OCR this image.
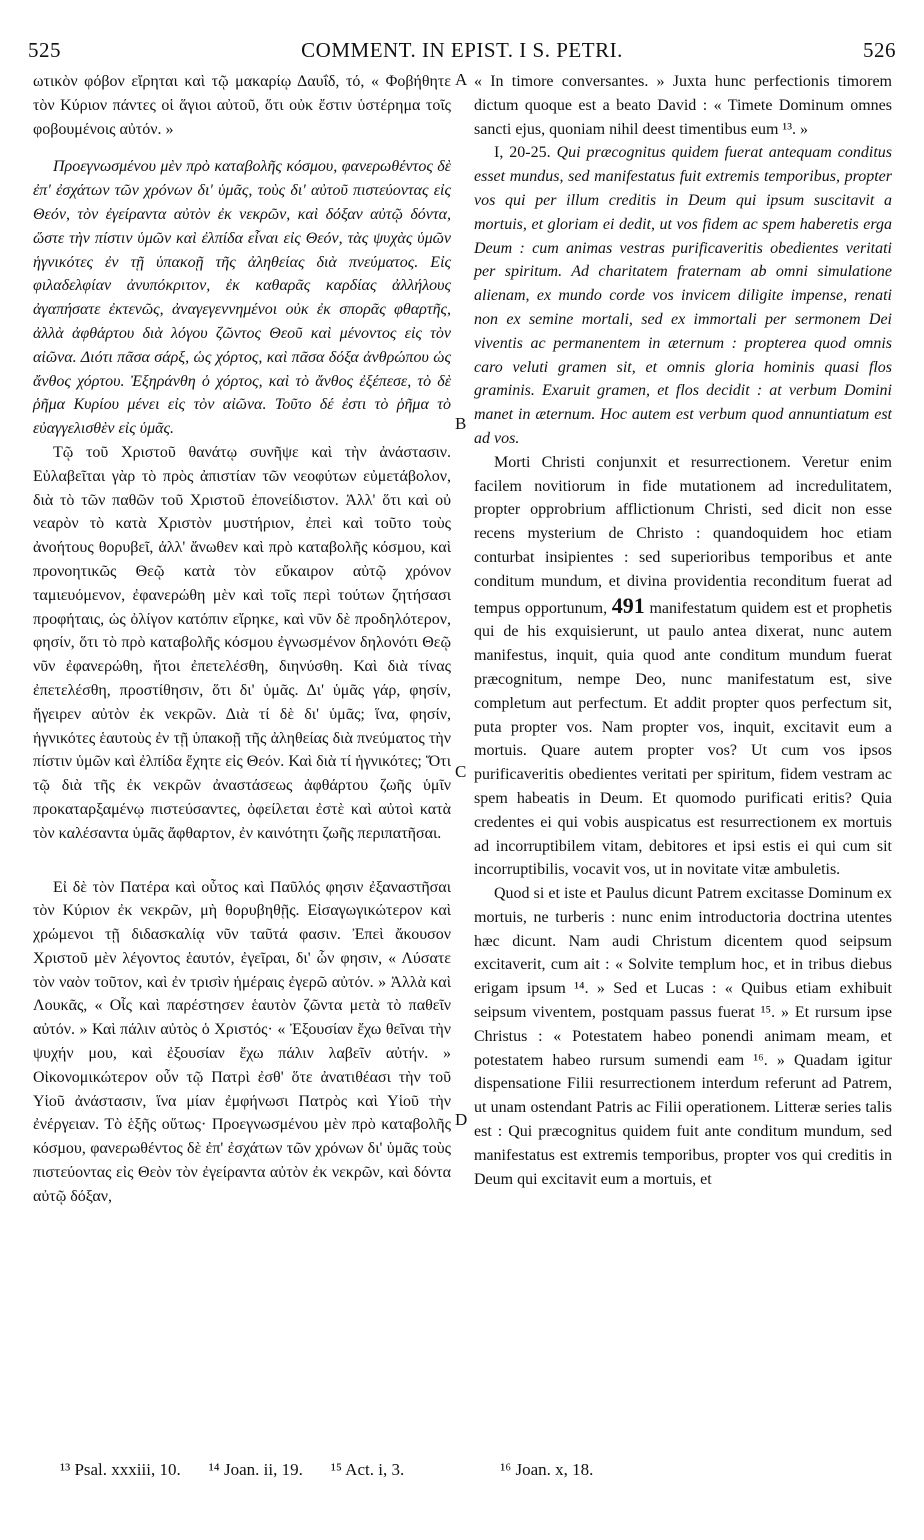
525	COMMENT. IN EPIST. I S. PETRI.	526
A
B
C
D

ωτικὸν φόβον εἴρηται καὶ τῷ μακαρίῳ Δαυΐδ, τό, « Φοβήθητε τὸν Κύριον πάντες οἱ ἅγιοι αὐτοῦ, ὅτι οὐκ ἔστιν ὑστέρημα τοῖς φοβουμένοις αὐτόν. »

Προεγνωσμένου μὲν πρὸ καταβολῆς κόσμου, φανερωθέντος δὲ ἐπ' ἐσχάτων τῶν χρόνων δι' ὑμᾶς, τοὺς δι' αὐτοῦ πιστεύοντας εἰς Θεόν, τὸν ἐγείραντα αὐτὸν ἐκ νεκρῶν, καὶ δόξαν αὐτῷ δόντα, ὥστε τὴν πίστιν ὑμῶν καὶ ἐλπίδα εἶναι εἰς Θεόν, τὰς ψυχὰς ὑμῶν ἡγνικότες ἐν τῇ ὑπακοῇ τῆς ἀληθείας διὰ πνεύματος. Εἰς φιλαδελφίαν ἀνυπόκριτον, ἐκ καθαρᾶς καρδίας ἀλλήλους ἀγαπήσατε ἐκτενῶς, ἀναγεγεννημένοι οὐκ ἐκ σπορᾶς φθαρτῆς, ἀλλὰ ἀφθάρτου διὰ λόγου ζῶντος Θεοῦ καὶ μένοντος εἰς τὸν αἰῶνα. Διότι πᾶσα σάρξ, ὡς χόρτος, καὶ πᾶσα δόξα ἀνθρώπου ὡς ἄνθος χόρτου. Ἐξηράνθη ὁ χόρτος, καὶ τὸ ἄνθος ἐξέπεσε, τὸ δὲ ῥῆμα Κυρίου μένει εἰς τὸν αἰῶνα. Τοῦτο δέ ἐστι τὸ ῥῆμα τὸ εὐαγγελισθὲν εἰς ὑμᾶς.

Τῷ τοῦ Χριστοῦ θανάτῳ συνῆψε καὶ τὴν ἀνάστασιν. Εὐλαβεῖται γὰρ τὸ πρὸς ἀπιστίαν τῶν νεοφύτων εὐμετάβολον, διὰ τὸ τῶν παθῶν τοῦ Χριστοῦ ἐπονείδιστον. Ἀλλ' ὅτι καὶ οὐ νεαρὸν τὸ κατὰ Χριστὸν μυστήριον, ἐπεὶ καὶ τοῦτο τοὺς ἀνοήτους θορυβεῖ, ἀλλ' ἄνωθεν καὶ πρὸ καταβολῆς κόσμου, καὶ προνοητικῶς Θεῷ κατὰ τὸν εὔκαιρον αὐτῷ χρόνον ταμιευόμενον, ἐφανερώθη μὲν καὶ τοῖς περὶ τούτων ζητήσασι προφήταις, ὡς ὀλίγον κατόπιν εἴρηκε, καὶ νῦν δὲ προδηλότερον, φησίν, ὅτι τὸ πρὸ καταβολῆς κόσμου ἐγνωσμένον δηλονότι Θεῷ νῦν ἐφανερώθη, ἤτοι ἐπετελέσθη, διηνύσθη. Καὶ διὰ τίνας ἐπετελέσθη, προστίθησιν, ὅτι δι' ὑμᾶς. Δι' ὑμᾶς γάρ, φησίν, ἤγειρεν αὐτὸν ἐκ νεκρῶν. Διὰ τί δὲ δι' ὑμᾶς; ἵνα, φησίν, ἡγνικότες ἑαυτοὺς ἐν τῇ ὑπακοῇ τῆς ἀληθείας διὰ πνεύματος τὴν πίστιν ὑμῶν καὶ ἐλπίδα ἔχητε εἰς Θεόν. Καὶ διὰ τί ἡγνικότες; Ὅτι τῷ διὰ τῆς ἐκ νεκρῶν ἀναστάσεως ἀφθάρτου ζωῆς ὑμῖν προκαταρξαμένῳ πιστεύσαντες, ὀφείλεται ἐστὲ καὶ αὐτοὶ κατὰ τὸν καλέσαντα ὑμᾶς ἄφθαρτον, ἐν καινότητι ζωῆς περιπατῆσαι.

Εἰ δὲ τὸν Πατέρα καὶ οὗτος καὶ Παῦλός φησιν ἐξαναστῆσαι τὸν Κύριον ἐκ νεκρῶν, μὴ θορυβηθῇς. Εἰσαγωγικώτερον καὶ χρώμενοι τῇ διδασκαλίᾳ νῦν ταῦτά φασιν. Ἐπεὶ ἄκουσον Χριστοῦ μὲν λέγοντος ἑαυτόν, ἐγεῖραι, δι' ὧν φησιν, « Λύσατε τὸν ναὸν τοῦτον, καὶ ἐν τρισὶν ἡμέραις ἐγερῶ αὐτόν. » Ἀλλὰ καὶ Λουκᾶς, « Οἷς καὶ παρέστησεν ἑαυτὸν ζῶντα μετὰ τὸ παθεῖν αὐτόν. » Καὶ πάλιν αὐτὸς ὁ Χριστός· « Ἐξουσίαν ἔχω θεῖναι τὴν ψυχήν μου, καὶ ἐξουσίαν ἔχω πάλιν λαβεῖν αὐτήν. » Οἰκονομικώτερον οὖν τῷ Πατρὶ ἐσθ' ὅτε ἀνατιθέασι τὴν τοῦ Υἱοῦ ἀνάστασιν, ἵνα μίαν ἐμφήνωσι Πατρὸς καὶ Υἱοῦ τὴν ἐνέργειαν. Τὸ ἑξῆς οὕτως· Προεγνωσμένου μὲν πρὸ καταβολῆς κόσμου, φανερωθέντος δὲ ἐπ' ἐσχάτων τῶν χρόνων δι' ὑμᾶς τοὺς πιστεύοντας εἰς Θεὸν τὸν ἐγείραντα αὐτὸν ἐκ νεκρῶν, καὶ δόντα αὐτῷ δόξαν,

« In timore conversantes. » Juxta hunc perfectionis timorem dictum quoque est a beato David : « Timete Dominum omnes sancti ejus, quoniam nihil deest timentibus eum ¹³. »

I, 20-25. Qui præcognitus quidem fuerat antequam conditus esset mundus, sed manifestatus fuit extremis temporibus, propter vos qui per illum creditis in Deum qui ipsum suscitavit a mortuis, et gloriam ei dedit, ut vos fidem ac spem haberetis erga Deum : cum animas vestras purificaveritis obedientes veritati per spiritum. Ad charitatem fraternam ab omni simulatione alienam, ex mundo corde vos invicem diligite impense, renati non ex semine mortali, sed ex immortali per sermonem Dei viventis ac permanentem in æternum : propterea quod omnis caro veluti gramen sit, et omnis gloria hominis quasi flos graminis. Exaruit gramen, et flos decidit : at verbum Domini manet in æternum. Hoc autem est verbum quod annuntiatum est ad vos.

Morti Christi conjunxit et resurrectionem. Veretur enim facilem novitiorum in fide mutationem ad incredulitatem, propter opprobrium afflictionum Christi, sed dicit non esse recens mysterium de Christo : quandoquidem hoc etiam conturbat insipientes : sed superioribus temporibus et ante conditum mundum, et divina providentia reconditum fuerat ad tempus opportunum, 491 manifestatum quidem est et prophetis qui de his exquisierunt, ut paulo antea dixerat, nunc autem manifestus, inquit, quia quod ante conditum mundum fuerat præcognitum, nempe Deo, nunc manifestatum est, sive completum aut perfectum. Et addit propter quos perfectum sit, puta propter vos. Nam propter vos, inquit, excitavit eum a mortuis. Quare autem propter vos? Ut cum vos ipsos purificaveritis obedientes veritati per spiritum, fidem vestram ac spem habeatis in Deum. Et quomodo purificati eritis? Quia credentes ei qui vobis auspicatus est resurrectionem ex mortuis ad incorruptibilem vitam, debitores et ipsi estis ei qui cum sit incorruptibilis, vocavit vos, ut in novitate vitæ ambuletis.

Quod si et iste et Paulus dicunt Patrem excitasse Dominum ex mortuis, ne turberis : nunc enim introductoria doctrina utentes hæc dicunt. Nam audi Christum dicentem quod seipsum excitaverit, cum ait : « Solvite templum hoc, et in tribus diebus erigam ipsum ¹⁴. » Sed et Lucas : « Quibus etiam exhibuit seipsum viventem, postquam passus fuerat ¹⁵. » Et rursum ipse Christus : « Potestatem habeo ponendi animam meam, et potestatem habeo rursum sumendi eam ¹⁶. » Quadam igitur dispensatione Filii resurrectionem interdum referunt ad Patrem, ut unam ostendant Patris ac Filii operationem. Litteræ series talis est : Qui præcognitus quidem fuit ante conditum mundum, sed manifestatus est extremis temporibus, propter vos qui creditis in Deum qui excitavit eum a mortuis, et

¹³ Psal. xxxiii, 10. ¹⁴ Joan. ii, 19. ¹⁵ Act. i, 3.	¹⁶ Joan. x, 18.
